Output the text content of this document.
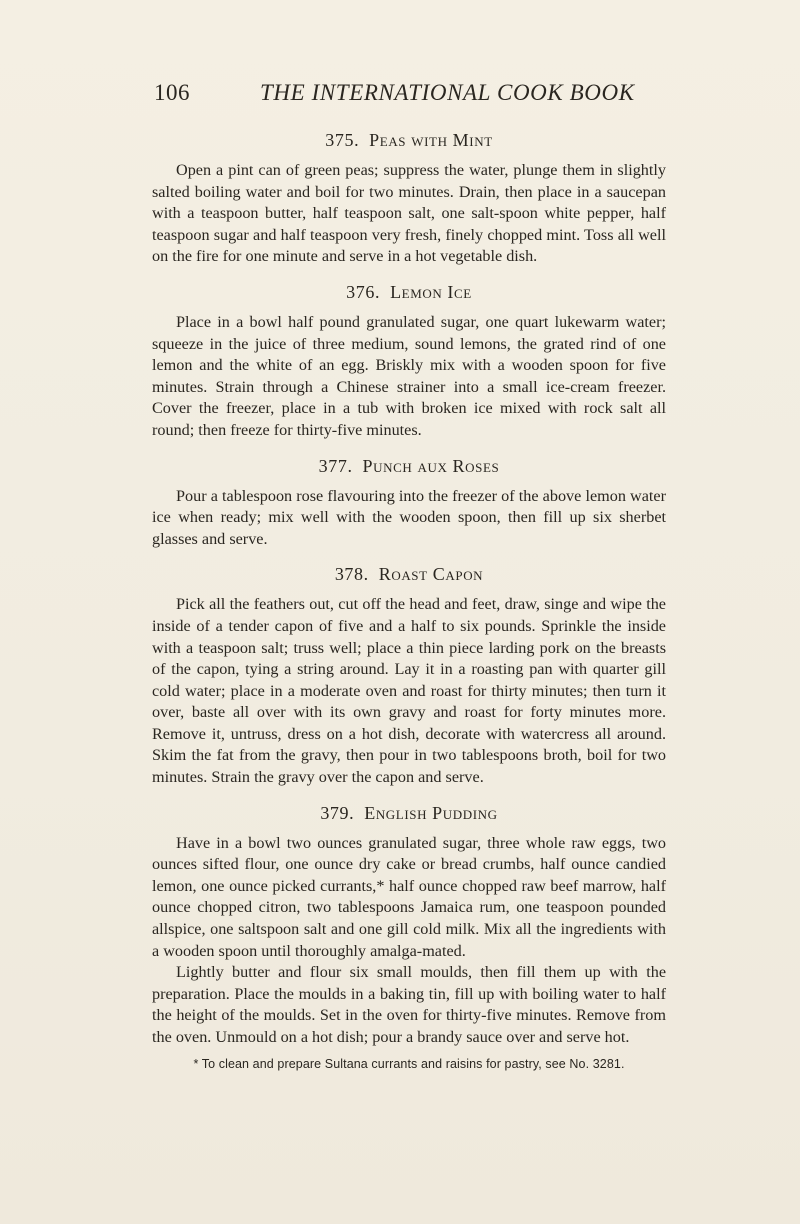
106	THE INTERNATIONAL COOK BOOK
375. Peas with Mint

Open a pint can of green peas; suppress the water, plunge them in slightly salted boiling water and boil for two minutes. Drain, then place in a saucepan with a teaspoon butter, half teaspoon salt, one salt-spoon white pepper, half teaspoon sugar and half teaspoon very fresh, finely chopped mint. Toss all well on the fire for one minute and serve in a hot vegetable dish.

376. Lemon Ice

Place in a bowl half pound granulated sugar, one quart lukewarm water; squeeze in the juice of three medium, sound lemons, the grated rind of one lemon and the white of an egg. Briskly mix with a wooden spoon for five minutes. Strain through a Chinese strainer into a small ice-cream freezer. Cover the freezer, place in a tub with broken ice mixed with rock salt all round; then freeze for thirty-five minutes.

377. Punch aux Roses

Pour a tablespoon rose flavouring into the freezer of the above lemon water ice when ready; mix well with the wooden spoon, then fill up six sherbet glasses and serve.

378. Roast Capon

Pick all the feathers out, cut off the head and feet, draw, singe and wipe the inside of a tender capon of five and a half to six pounds. Sprinkle the inside with a teaspoon salt; truss well; place a thin piece larding pork on the breasts of the capon, tying a string around. Lay it in a roasting pan with quarter gill cold water; place in a moderate oven and roast for thirty minutes; then turn it over, baste all over with its own gravy and roast for forty minutes more. Remove it, untruss, dress on a hot dish, decorate with watercress all around. Skim the fat from the gravy, then pour in two tablespoons broth, boil for two minutes. Strain the gravy over the capon and serve.

379. English Pudding

Have in a bowl two ounces granulated sugar, three whole raw eggs, two ounces sifted flour, one ounce dry cake or bread crumbs, half ounce candied lemon, one ounce picked currants,* half ounce chopped raw beef marrow, half ounce chopped citron, two tablespoons Jamaica rum, one teaspoon pounded allspice, one saltspoon salt and one gill cold milk. Mix all the ingredients with a wooden spoon until thoroughly amalga-mated.

Lightly butter and flour six small moulds, then fill them up with the preparation. Place the moulds in a baking tin, fill up with boiling water to half the height of the moulds. Set in the oven for thirty-five minutes. Remove from the oven. Unmould on a hot dish; pour a brandy sauce over and serve hot.

* To clean and prepare Sultana currants and raisins for pastry, see No. 3281.
